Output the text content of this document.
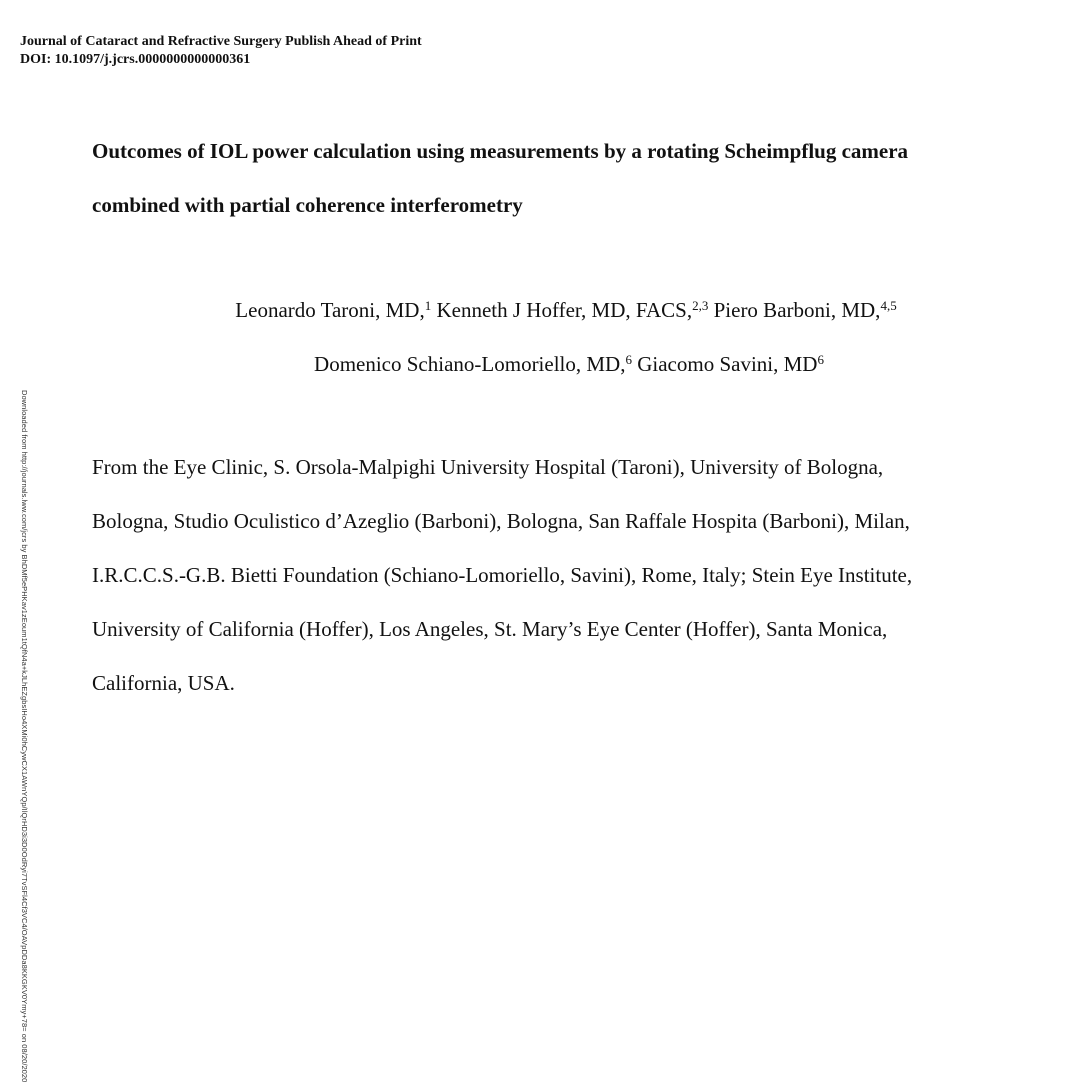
Journal of Cataract and Refractive Surgery Publish Ahead of Print
DOI: 10.1097/j.jcrs.0000000000000361
Outcomes of IOL power calculation using measurements by a rotating Scheimpflug camera
combined with partial coherence interferometry
Leonardo Taroni, MD,$^1$ Kenneth J Hoffer, MD, FACS,$^{2,3}$ Piero Barboni, MD,$^{4,5}$
Domenico Schiano-Lomoriello, MD,$^6$ Giacomo Savini, $MD^6$
From the Eye Clinic, S. Orsola-Malpighi University Hospital (Taroni), University of Bologna,
Bologna, Studio Oculistico d’Azeglio (Barboni), Bologna, San Raffale Hospita (Barboni), Milan,
I.R.C.C.S.-G.B. Bietti Foundation (Schiano-Lomoriello, Savini), Rome, Italy; Stein Eye Institute,
University of California (Hoffer), Los Angeles, St. Mary’s Eye Center (Hoffer), Santa Monica,
California, USA.
Downloaded from http://journals.lww.com/jcrs by BhDMf5ePHKav1zEoum1tQfN4a+kJLhEZgbsIHo4XMi0hCywCX1AWnYQp/IlQrHD3i3D0OdRyi7TvSFl4Cf3VC4/OAVpDDa8KKGKV0Ymy+78= on 08/20/2020
